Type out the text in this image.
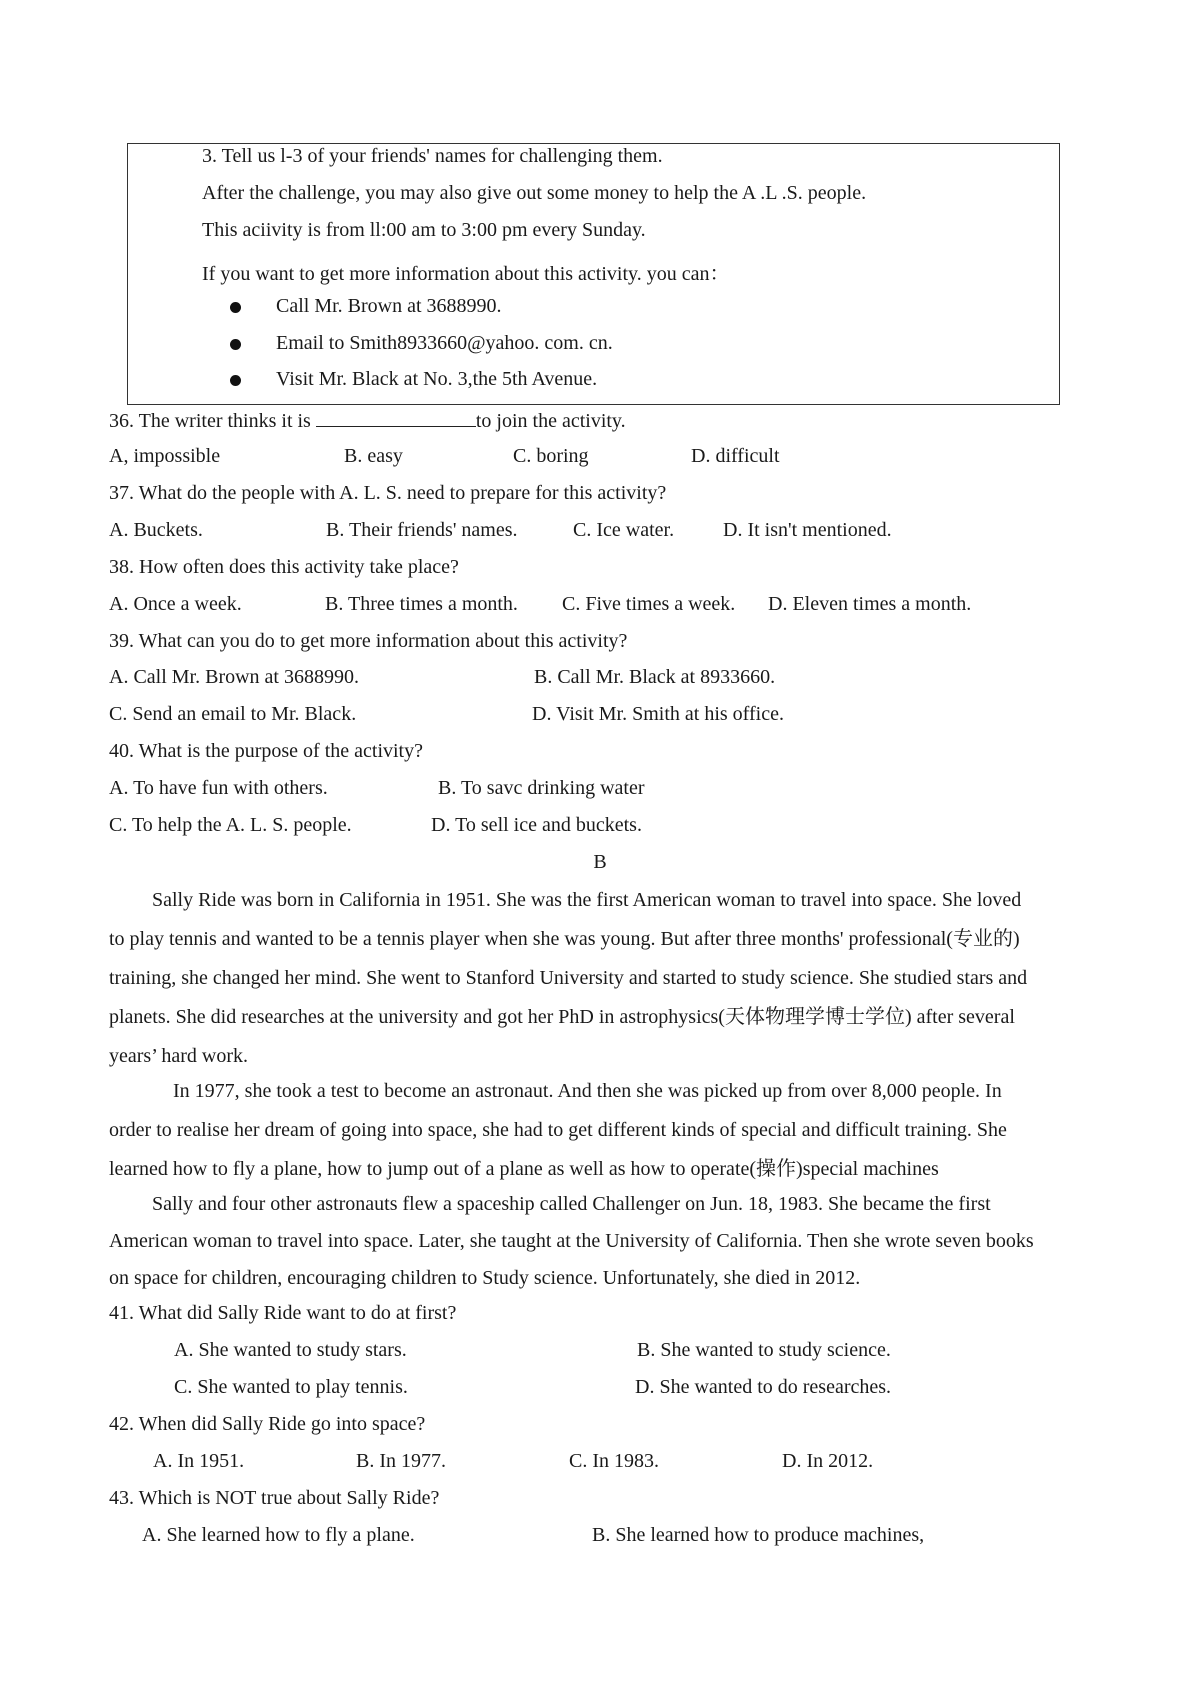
3. Tell us l-3 of your friends' names for challenging them.
After the challenge, you may also give out some money to help the A .L .S. people.
This aciivity is from ll:00 am to 3:00 pm every Sunday.
If you want to get more information about this activity. you can：
Call Mr. Brown at 3688990.
Email to Smith8933660@yahoo. com. cn.
Visit Mr. Black at No. 3,the 5th Avenue.
36. The writer thinks it is	to join the activity.
A, impossible	B. easy	C. boring	D. difficult
37. What do the people with A. L. S. need to prepare for this activity?
A. Buckets.	B. Their friends' names.	C. Ice water. D. It isn't mentioned.
38. How often does this activity take place?
A. Once a week.	B. Three times a month. C. Five times a week. D. Eleven times a month.
39. What can you do to get more information about this activity?
A. Call Mr. Brown at 3688990.	B. Call Mr. Black at 8933660.
C. Send an email to Mr. Black.	D. Visit Mr. Smith at his office.
40. What is the purpose of the activity?
A. To have fun with others.	B. To savc drinking water
C. To help the A. L. S. people.	D. To sell ice and buckets.
B
Sally Ride was born in California in 1951. She was the first American woman to travel into space. She loved
to play tennis and wanted to be a tennis player when she was young. But after three months' professional(专业的)
training, she changed her mind. She went to Stanford University and started to study science. She studied stars and
planets. She did researches at the university and got her PhD in astrophysics(天体物理学博士学位) after several
years’ hard work.
In 1977, she took a test to become an astronaut. And then she was picked up from over 8,000 people. In
order to realise her dream of going into space, she had to get different kinds of special and difficult training. She
learned how to fly a plane, how to jump out of a plane as well as how to operate(操作)special machines
Sally and four other astronauts flew a spaceship called Challenger on Jun. 18, 1983. She became the first
American woman to travel into space. Later, she taught at the University of California. Then she wrote seven books
on space for children, encouraging children to Study science. Unfortunately, she died in 2012.
41. What did Sally Ride want to do at first?
A. She wanted to study stars.	B. She wanted to study science.
C. She wanted to play tennis.	D. She wanted to do researches.
42. When did Sally Ride go into space?
A. In 1951.	B. In 1977.	C. In 1983.	D. In 2012.
43. Which is NOT true about Sally Ride?
A. She learned how to fly a plane.	B. She learned how to produce machines,
